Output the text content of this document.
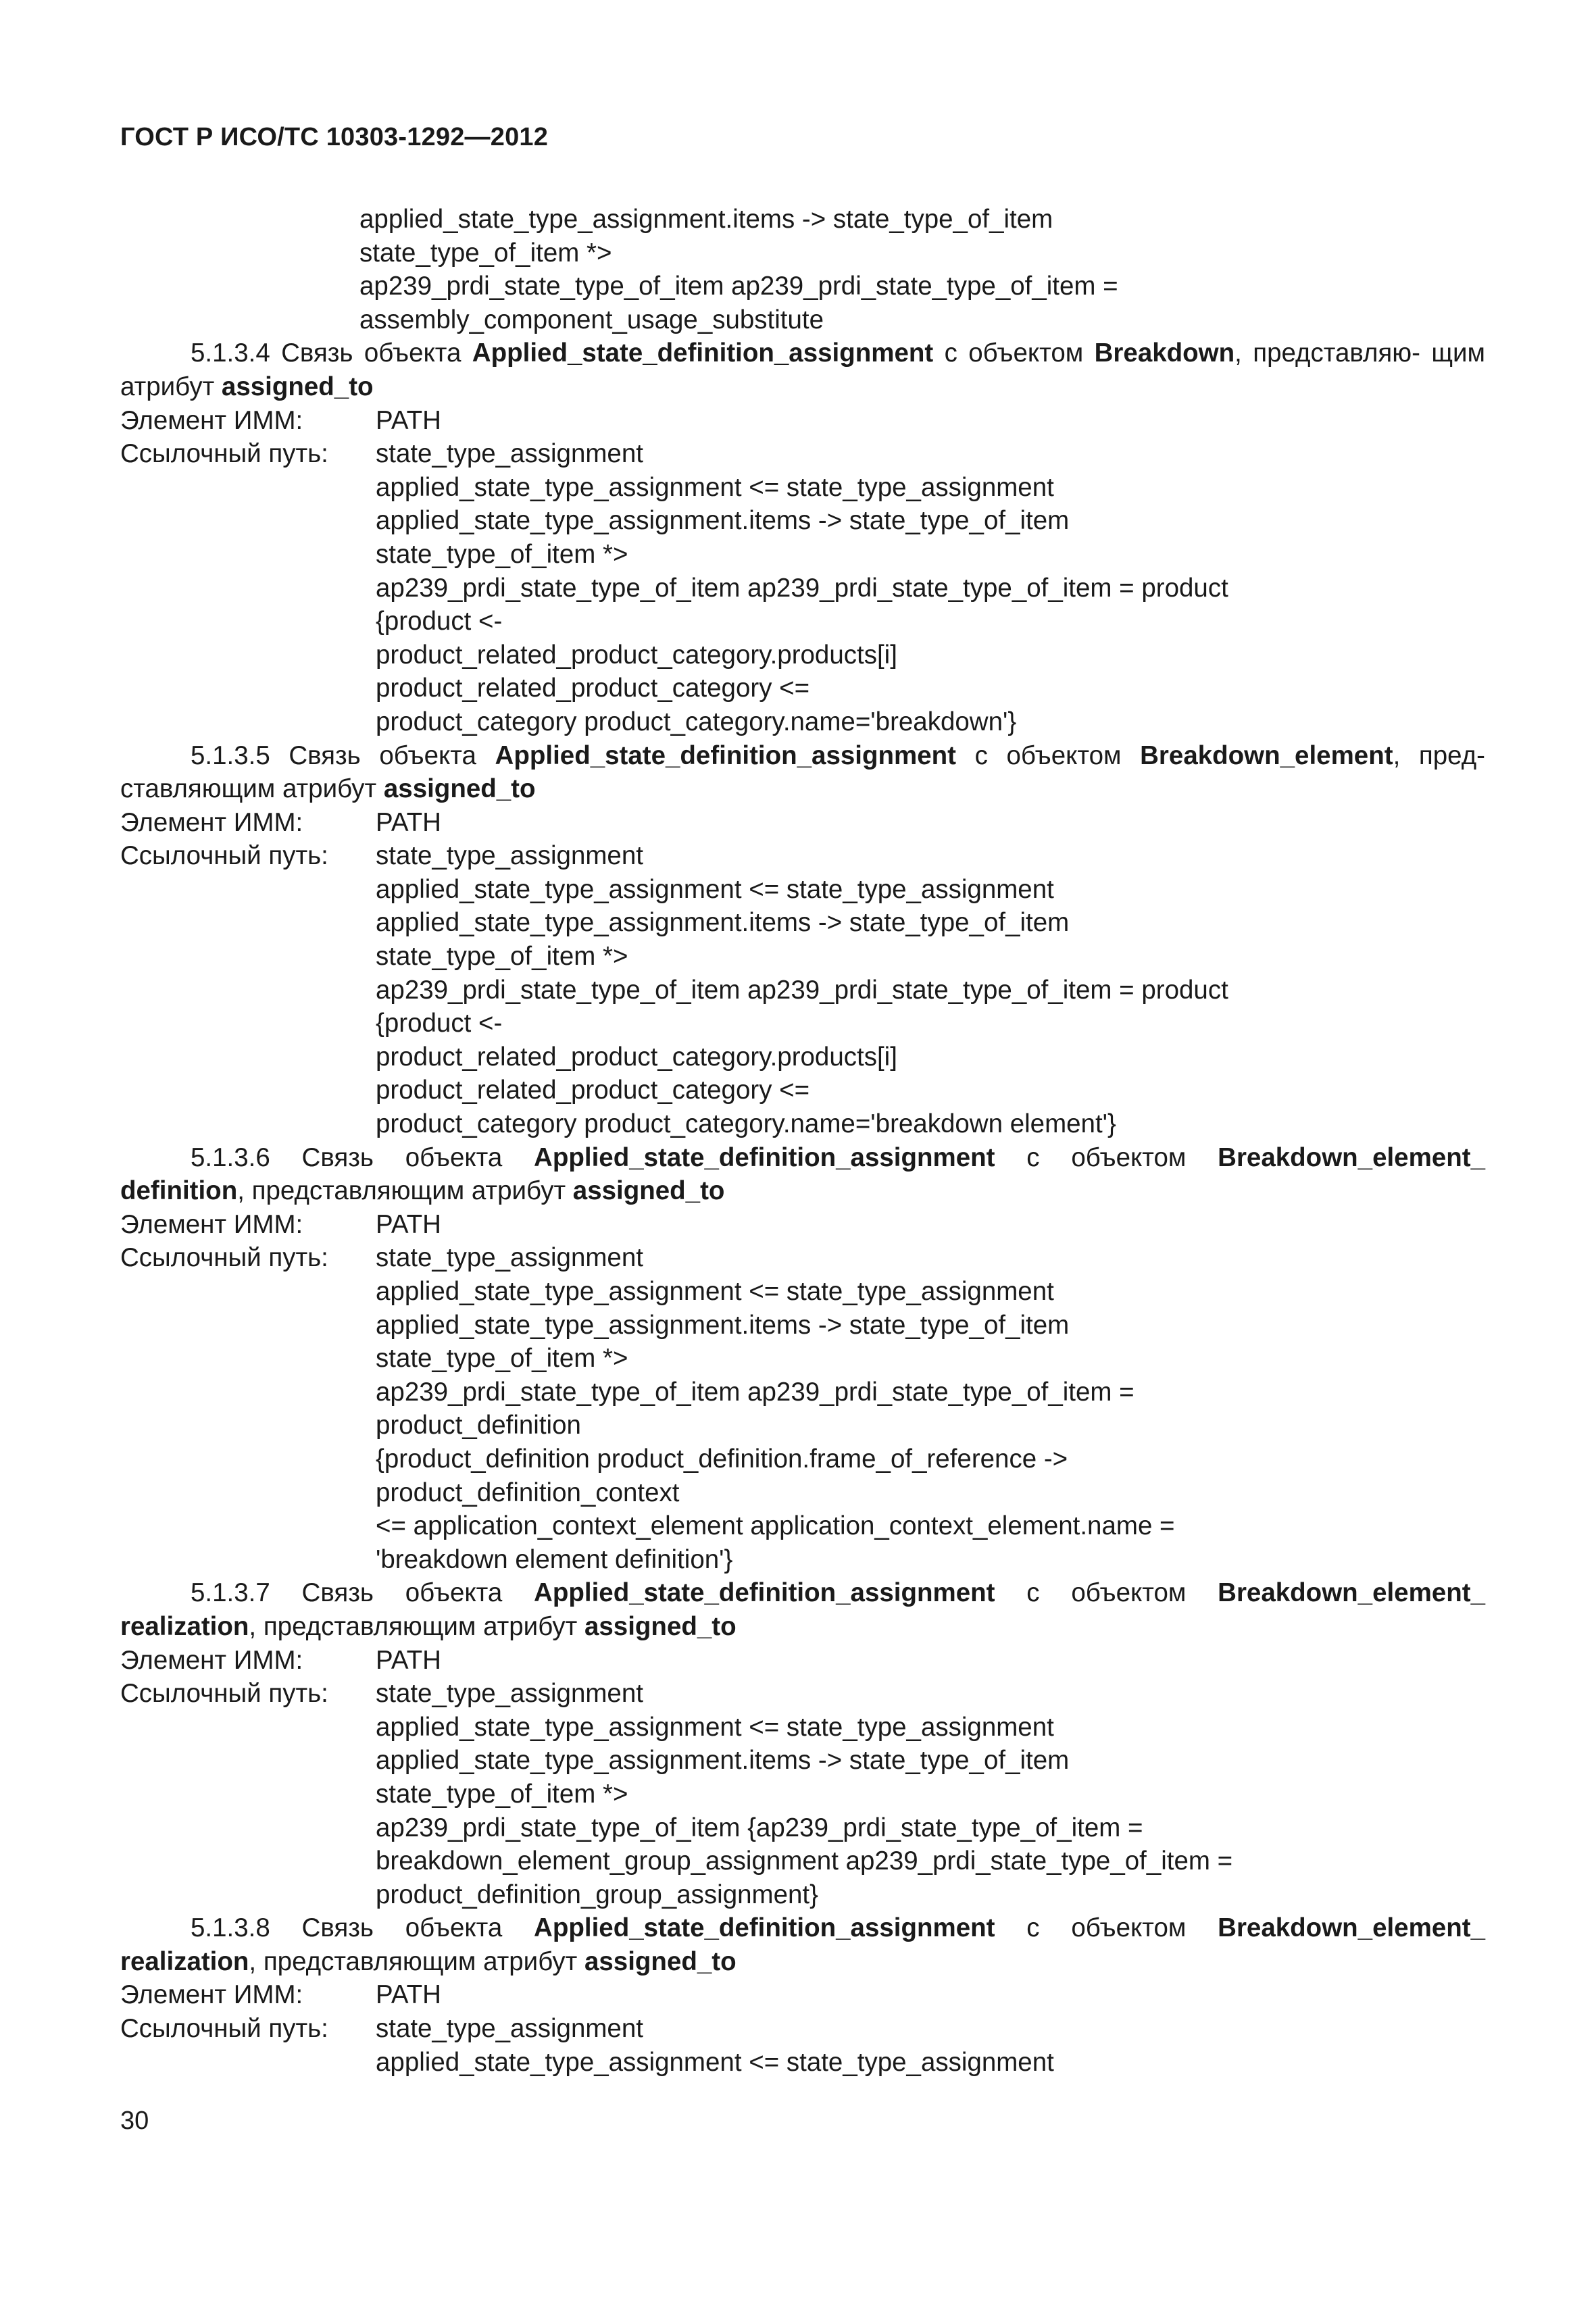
ГОСТ Р ИСО/ТС 10303-1292—2012
applied_state_type_assignment.items -> state_type_of_item
state_type_of_item *>
ap239_prdi_state_type_of_item ap239_prdi_state_type_of_item =
assembly_component_usage_substitute
5.1.3.4 Связь объекта Applied_state_definition_assignment с объектом Breakdown, представляю- щим атрибут assigned_to
Элемент ИММ:	PATH
Ссылочный путь:	state_type_assignment
applied_state_type_assignment <= state_type_assignment
applied_state_type_assignment.items -> state_type_of_item
state_type_of_item *>
ap239_prdi_state_type_of_item ap239_prdi_state_type_of_item = product
{product <-
product_related_product_category.products[i]
product_related_product_category <=
product_category product_category.name='breakdown'}
5.1.3.5 Связь объекта Applied_state_definition_assignment с объектом Breakdown_element, пред- ставляющим атрибут assigned_to
Элемент ИММ:	PATH
Ссылочный путь:	state_type_assignment
applied_state_type_assignment <= state_type_assignment
applied_state_type_assignment.items -> state_type_of_item
state_type_of_item *>
ap239_prdi_state_type_of_item ap239_prdi_state_type_of_item = product
{product <-
product_related_product_category.products[i]
product_related_product_category <=
product_category product_category.name='breakdown element'}
5.1.3.6 Связь объекта Applied_state_definition_assignment с объектом Breakdown_element_
definition, представляющим атрибут assigned_to
Элемент ИММ:	PATH
Ссылочный путь:	state_type_assignment
applied_state_type_assignment <= state_type_assignment
applied_state_type_assignment.items -> state_type_of_item
state_type_of_item *>
ap239_prdi_state_type_of_item ap239_prdi_state_type_of_item =
product_definition
{product_definition product_definition.frame_of_reference ->
product_definition_context
<= application_context_element application_context_element.name =
'breakdown element definition'}
5.1.3.7 Связь объекта Applied_state_definition_assignment с объектом Breakdown_element_
realization, представляющим атрибут assigned_to
Элемент ИММ:	PATH
Ссылочный путь:	state_type_assignment
applied_state_type_assignment <= state_type_assignment
applied_state_type_assignment.items -> state_type_of_item
state_type_of_item *>
ap239_prdi_state_type_of_item {ap239_prdi_state_type_of_item =
breakdown_element_group_assignment ap239_prdi_state_type_of_item =
product_definition_group_assignment}
5.1.3.8 Связь объекта Applied_state_definition_assignment с объектом Breakdown_element_
realization, представляющим атрибут assigned_to
Элемент ИММ:	PATH
Ссылочный путь:	state_type_assignment
applied_state_type_assignment <= state_type_assignment
30
